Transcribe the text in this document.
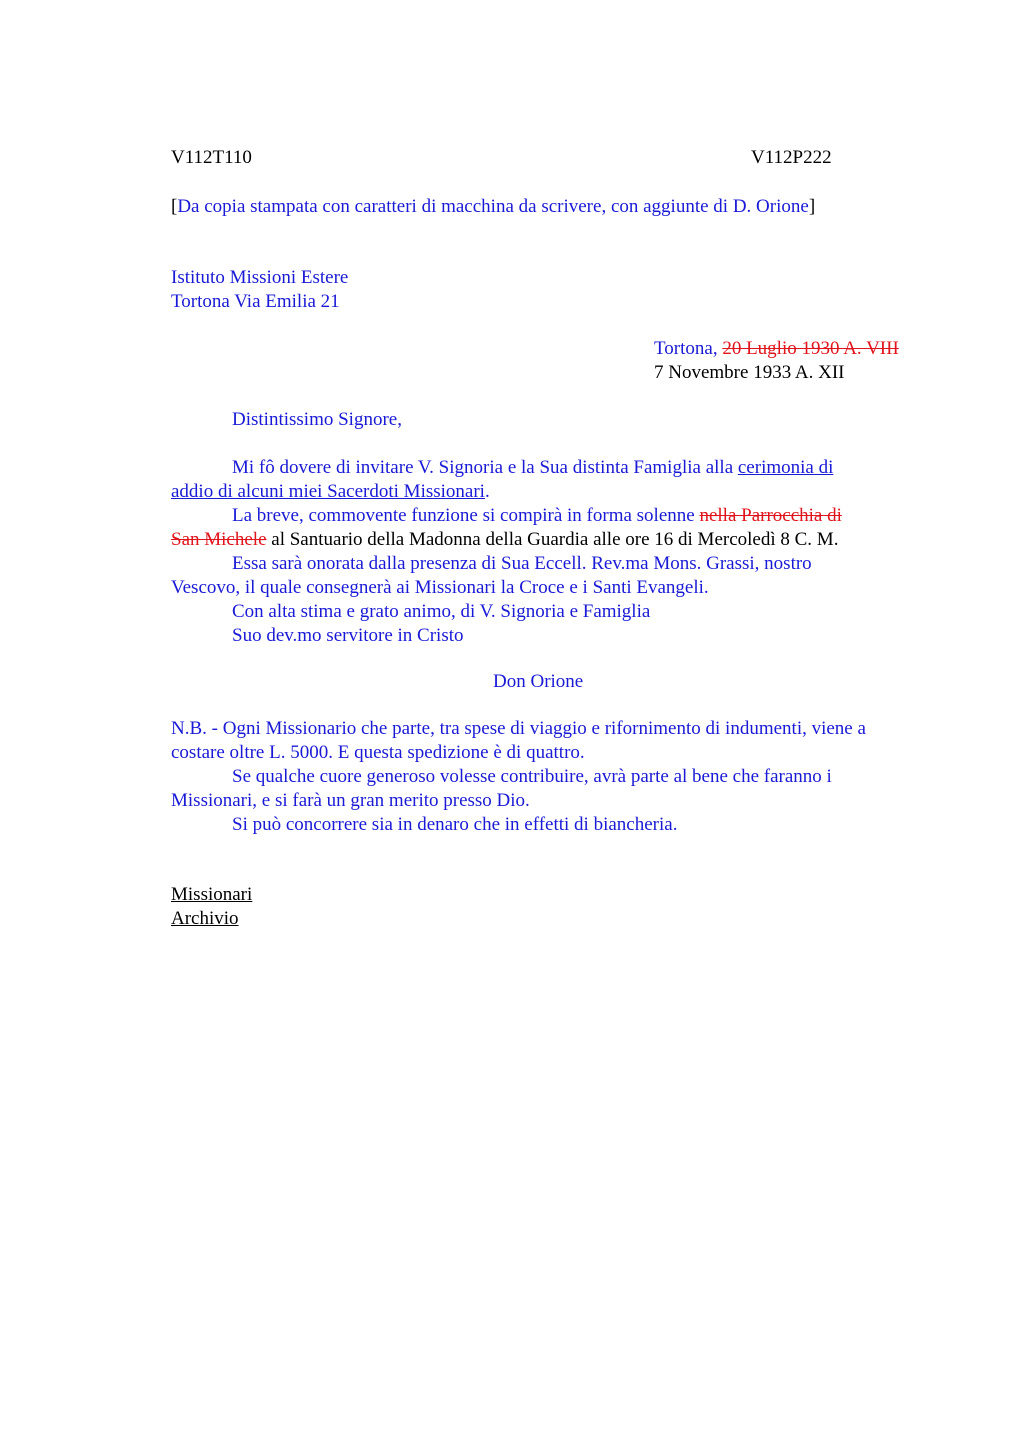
V112T110	V112P222
[Da copia stampata con caratteri di macchina da scrivere, con aggiunte di D. Orione]
Istituto Missioni Estere
Tortona Via Emilia 21
Tortona, 20 Luglio 1930 A. VIII
7 Novembre 1933 A. XII
Distintissimo Signore,
Mi fô dovere di invitare V. Signoria e la Sua distinta Famiglia alla cerimonia di
addio di alcuni miei Sacerdoti Missionari.
La breve, commovente funzione si compirà in forma solenne nella Parrocchia di
San Michele al Santuario della Madonna della Guardia alle ore 16 di Mercoledì 8 C. M.
Essa sarà onorata dalla presenza di Sua Eccell. Rev.ma Mons. Grassi, nostro
Vescovo, il quale consegnerà ai Missionari la Croce e i Santi Evangeli.
Con alta stima e grato animo, di V. Signoria e Famiglia
Suo dev.mo servitore in Cristo
Don Orione
N.B. - Ogni Missionario che parte, tra spese di viaggio e rifornimento di indumenti, viene a
costare oltre L. 5000. E questa spedizione è di quattro.
Se qualche cuore generoso volesse contribuire, avrà parte al bene che faranno i
Missionari, e si farà un gran merito presso Dio.
Si può concorrere sia in denaro che in effetti di biancheria.
Missionari
Archivio
